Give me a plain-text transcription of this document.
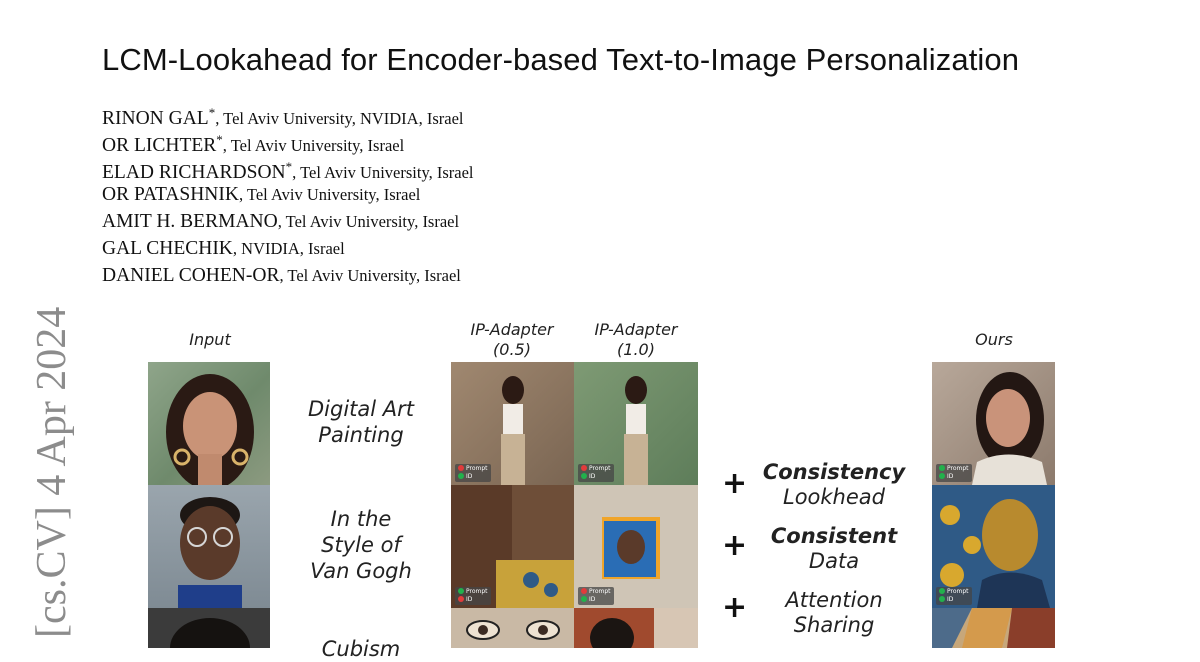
LCM-Lookahead for Encoder-based Text-to-Image Personalization
RINON GAL*, Tel Aviv University, NVIDIA, Israel
OR LICHTER*, Tel Aviv University, Israel
ELAD RICHARDSON*, Tel Aviv University, Israel
OR PATASHNIK, Tel Aviv University, Israel
AMIT H. BERMANO, Tel Aviv University, Israel
GAL CHECHIK, NVIDIA, Israel
DANIEL COHEN-OR, Tel Aviv University, Israel
[cs.CV] 4 Apr 2024	Input
IP-Adapter
(0.5)
IP-Adapter
(1.0)
Ours
Digital Art
Painting
In the
Style of
Van Gogh
Cubism
Prompt
ID
Prompt
ID
Prompt
ID
Prompt
ID
+
+
+
Consistency
Lookhead
Consistent
Data
Attention
Sharing
Prompt
ID
Prompt
ID
